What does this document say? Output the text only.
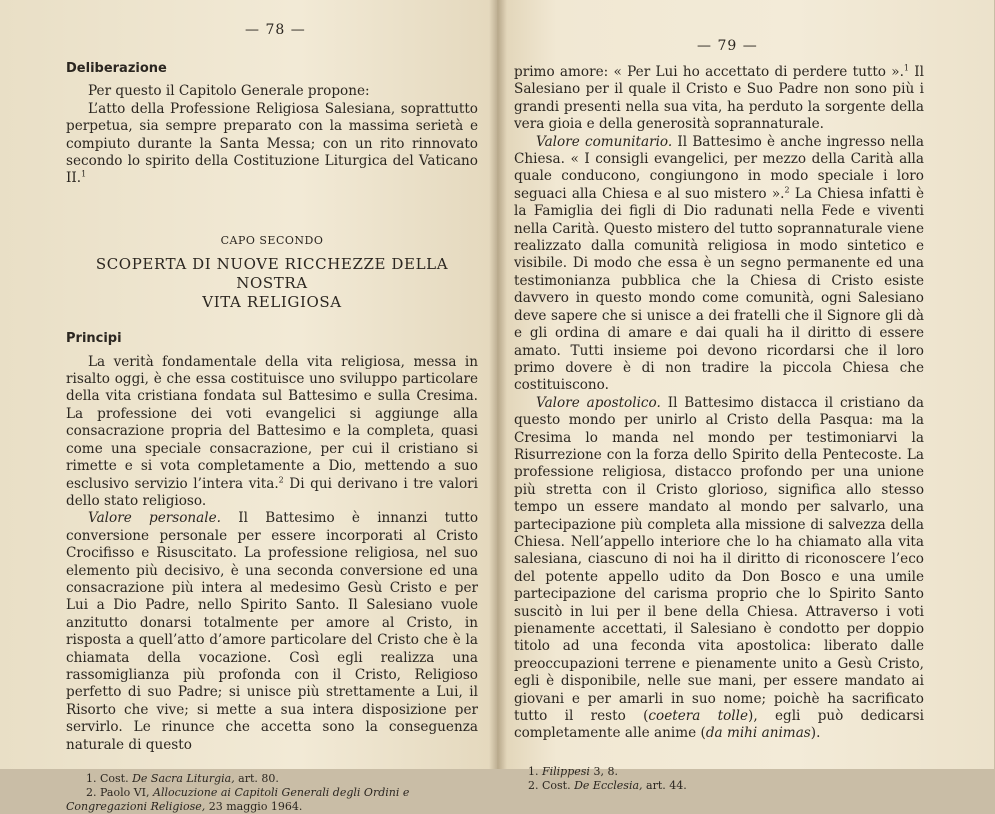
— 78 —
— 79 —
Deliberazione

Per questo il Capitolo Generale propone:

L’atto della Professione Religiosa Salesiana, soprattutto perpetua, sia sempre preparato con la massima serietà e compiuto durante la Santa Messa; con un rito rinnovato secondo lo spirito della Costituzione Liturgica del Vaticano II.$^1$

CAPO SECONDO
SCOPERTA DI NUOVE RICCHEZZE DELLA NOSTRA
VITA RELIGIOSA
Principi

La verità fondamentale della vita religiosa, messa in risalto oggi, è che essa costituisce uno sviluppo particolare della vita cristiana fondata sul Battesimo e sulla Cresima. La professione dei voti evangelici si aggiunge alla consacrazione propria del Battesimo e la completa, quasi come una speciale consacrazione, per cui il cristiano si rimette e si vota completamente a Dio, mettendo a suo esclusivo servizio l’intera vita.$^2$ Di qui derivano i tre valori dello stato religioso.

Valore personale. Il Battesimo è innanzi tutto conversione personale per essere incorporati al Cristo Crocifisso e Risuscitato. La professione religiosa, nel suo elemento più decisivo, è una seconda conversione ed una consacrazione più intera al medesimo Gesù Cristo e per Lui a Dio Padre, nello Spirito Santo. Il Salesiano vuole anzitutto donarsi totalmente per amore al Cristo, in risposta a quell’atto d’amore particolare del Cristo che è la chiamata della vocazione. Così egli realizza una rassomiglianza più profonda con il Cristo, Religioso perfetto di suo Padre; si unisce più strettamente a Lui, il Risorto che vive; si mette a sua intera disposizione per servirlo. Le rinunce che accetta sono la conseguenza naturale di questo

1. Cost. De Sacra Liturgia, art. 80.
2. Paolo VI, Allocuzione ai Capitoli Generali degli Ordini e Congregazioni Religiose, 23 maggio 1964.

primo amore: « Per Lui ho accettato di perdere tutto ».$^1$ Il Salesiano per il quale il Cristo e Suo Padre non sono più i grandi presenti nella sua vita, ha perduto la sorgente della vera gioia e della generosità soprannaturale.

Valore comunitario. Il Battesimo è anche ingresso nella Chiesa. « I consigli evangelici, per mezzo della Carità alla quale conducono, congiungono in modo speciale i loro seguaci alla Chiesa e al suo mistero ».$^2$ La Chiesa infatti è la Famiglia dei figli di Dio radunati nella Fede e viventi nella Carità. Questo mistero del tutto soprannaturale viene realizzato dalla comunità religiosa in modo sintetico e visibile. Di modo che essa è un segno permanente ed una testimonianza pubblica che la Chiesa di Cristo esiste davvero in questo mondo come comunità, ogni Salesiano deve sapere che si unisce a dei fratelli che il Signore gli dà e gli ordina di amare e dai quali ha il diritto di essere amato. Tutti insieme poi devono ricordarsi che il loro primo dovere è di non tradire la piccola Chiesa che costituiscono.

Valore apostolico. Il Battesimo distacca il cristiano da questo mondo per unirlo al Cristo della Pasqua: ma la Cresima lo manda nel mondo per testimoniarvi la Risurrezione con la forza dello Spirito della Pentecoste. La professione religiosa, distacco profondo per una unione più stretta con il Cristo glorioso, significa allo stesso tempo un essere mandato al mondo per salvarlo, una partecipazione più completa alla missione di salvezza della Chiesa. Nell’appello interiore che lo ha chiamato alla vita salesiana, ciascuno di noi ha il diritto di riconoscere l’eco del potente appello udito da Don Bosco e una umile partecipazione del carisma proprio che lo Spirito Santo suscitò in lui per il bene della Chiesa. Attraverso i voti pienamente accettati, il Salesiano è condotto per doppio titolo ad una feconda vita apostolica: liberato dalle preoccupazioni terrene e pienamente unito a Gesù Cristo, egli è disponibile, nelle sue mani, per essere mandato ai giovani e per amarli in suo nome; poichè ha sacrificato tutto il resto (coetera tolle), egli può dedicarsi completamente alle anime (da mihi animas).

1. Filippesi 3, 8.
2. Cost. De Ecclesia, art. 44.
